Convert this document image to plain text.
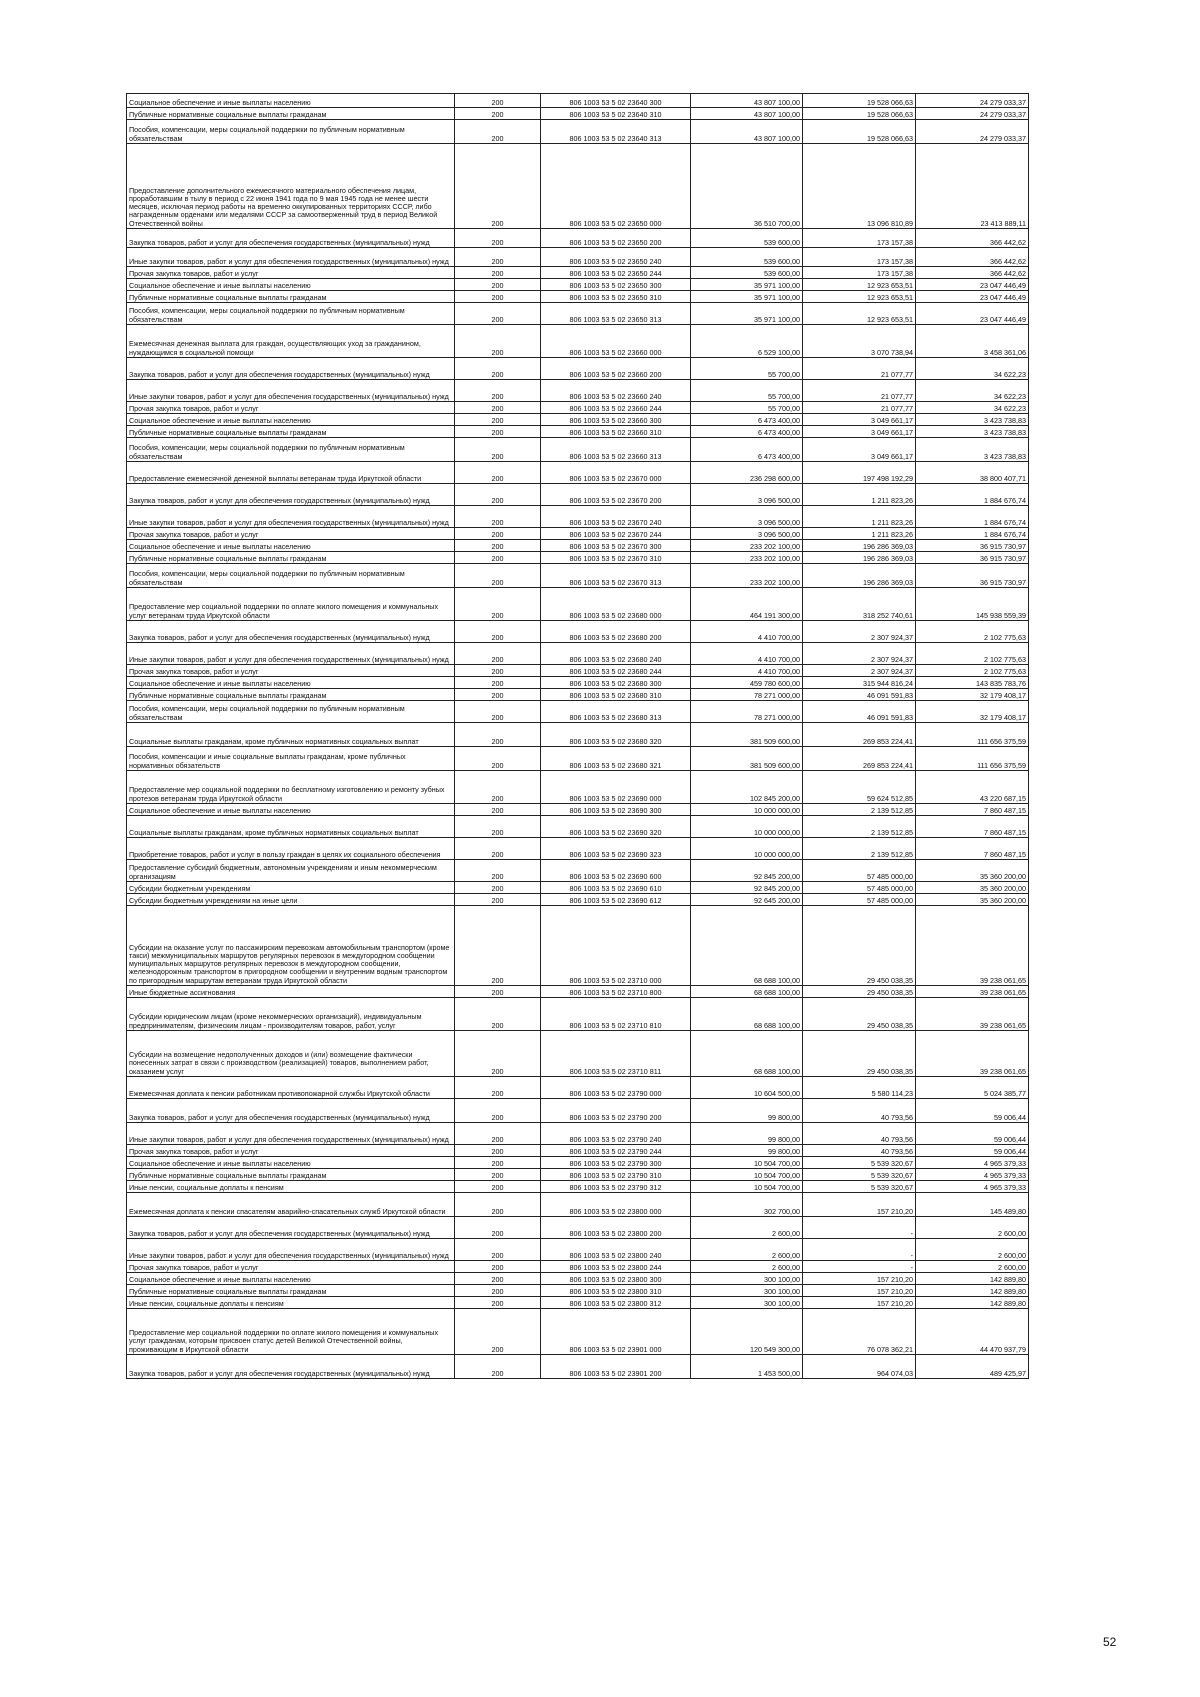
Социальное обеспечение и иные выплаты населению	200	806 1003 53 5 02 23640 300	43 807 100,00	19 528 066,63	24 279 033,37
Публичные нормативные социальные выплаты гражданам	200	806 1003 53 5 02 23640 310	43 807 100,00	19 528 066,63	24 279 033,37
Пособия, компенсации, меры социальной поддержки по публичным нормативным обязательствам	200	806 1003 53 5 02 23640 313	43 807 100,00	19 528 066,63	24 279 033,37
Предоставление дополнительного ежемесячного материального обеспечения лицам, проработавшим в тылу в период с 22 июня 1941 года по 9 мая 1945 года не менее шести месяцев, исключая период работы на временно оккупированных территориях СССР, либо награжденным орденами или медалями СССР за самоотверженный труд в период Великой Отечественной войны	200	806 1003 53 5 02 23650 000	36 510 700,00	13 096 810,89	23 413 889,11
Закупка товаров, работ и услуг для обеспечения государственных (муниципальных) нужд	200	806 1003 53 5 02 23650 200	539 600,00	173 157,38	366 442,62
Иные закупки товаров, работ и услуг для обеспечения государственных (муниципальных) нужд	200	806 1003 53 5 02 23650 240	539 600,00	173 157,38	366 442,62
Прочая закупка товаров, работ и услуг	200	806 1003 53 5 02 23650 244	539 600,00	173 157,38	366 442,62
Социальное обеспечение и иные выплаты населению	200	806 1003 53 5 02 23650 300	35 971 100,00	12 923 653,51	23 047 446,49
Публичные нормативные социальные выплаты гражданам	200	806 1003 53 5 02 23650 310	35 971 100,00	12 923 653,51	23 047 446,49
Пособия, компенсации, меры социальной поддержки по публичным нормативным обязательствам	200	806 1003 53 5 02 23650 313	35 971 100,00	12 923 653,51	23 047 446,49
Ежемесячная денежная выплата для граждан, осуществляющих уход за гражданином, нуждающимся в социальной помощи	200	806 1003 53 5 02 23660 000	6 529 100,00	3 070 738,94	3 458 361,06
Закупка товаров, работ и услуг для обеспечения государственных (муниципальных) нужд	200	806 1003 53 5 02 23660 200	55 700,00	21 077,77	34 622,23
Иные закупки товаров, работ и услуг для обеспечения государственных (муниципальных) нужд	200	806 1003 53 5 02 23660 240	55 700,00	21 077,77	34 622,23
Прочая закупка товаров, работ и услуг	200	806 1003 53 5 02 23660 244	55 700,00	21 077,77	34 622,23
Социальное обеспечение и иные выплаты населению	200	806 1003 53 5 02 23660 300	6 473 400,00	3 049 661,17	3 423 738,83
Публичные нормативные социальные выплаты гражданам	200	806 1003 53 5 02 23660 310	6 473 400,00	3 049 661,17	3 423 738,83
Пособия, компенсации, меры социальной поддержки по публичным нормативным обязательствам	200	806 1003 53 5 02 23660 313	6 473 400,00	3 049 661,17	3 423 738,83
Предоставление ежемесячной денежной выплаты ветеранам труда Иркутской области	200	806 1003 53 5 02 23670 000	236 298 600,00	197 498 192,29	38 800 407,71
Закупка товаров, работ и услуг для обеспечения государственных (муниципальных) нужд	200	806 1003 53 5 02 23670 200	3 096 500,00	1 211 823,26	1 884 676,74
Иные закупки товаров, работ и услуг для обеспечения государственных (муниципальных) нужд	200	806 1003 53 5 02 23670 240	3 096 500,00	1 211 823,26	1 884 676,74
Прочая закупка товаров, работ и услуг	200	806 1003 53 5 02 23670 244	3 096 500,00	1 211 823,26	1 884 676,74
Социальное обеспечение и иные выплаты населению	200	806 1003 53 5 02 23670 300	233 202 100,00	196 286 369,03	36 915 730,97
Публичные нормативные социальные выплаты гражданам	200	806 1003 53 5 02 23670 310	233 202 100,00	196 286 369,03	36 915 730,97
Пособия, компенсации, меры социальной поддержки по публичным нормативным обязательствам	200	806 1003 53 5 02 23670 313	233 202 100,00	196 286 369,03	36 915 730,97
Предоставление мер социальной поддержки по оплате жилого помещения и коммунальных услуг ветеранам труда Иркутской области	200	806 1003 53 5 02 23680 000	464 191 300,00	318 252 740,61	145 938 559,39
Закупка товаров, работ и услуг для обеспечения государственных (муниципальных) нужд	200	806 1003 53 5 02 23680 200	4 410 700,00	2 307 924,37	2 102 775,63
Иные закупки товаров, работ и услуг для обеспечения государственных (муниципальных) нужд	200	806 1003 53 5 02 23680 240	4 410 700,00	2 307 924,37	2 102 775,63
Прочая закупка товаров, работ и услуг	200	806 1003 53 5 02 23680 244	4 410 700,00	2 307 924,37	2 102 775,63
Социальное обеспечение и иные выплаты населению	200	806 1003 53 5 02 23680 300	459 780 600,00	315 944 816,24	143 835 783,76
Публичные нормативные социальные выплаты гражданам	200	806 1003 53 5 02 23680 310	78 271 000,00	46 091 591,83	32 179 408,17
Пособия, компенсации, меры социальной поддержки по публичным нормативным обязательствам	200	806 1003 53 5 02 23680 313	78 271 000,00	46 091 591,83	32 179 408,17
Социальные выплаты гражданам, кроме публичных нормативных социальных выплат	200	806 1003 53 5 02 23680 320	381 509 600,00	269 853 224,41	111 656 375,59
Пособия, компенсации и иные социальные выплаты гражданам, кроме публичных нормативных обязательств	200	806 1003 53 5 02 23680 321	381 509 600,00	269 853 224,41	111 656 375,59
Предоставление мер социальной поддержки по бесплатному изготовлению и ремонту зубных протезов ветеранам труда Иркутской области	200	806 1003 53 5 02 23690 000	102 845 200,00	59 624 512,85	43 220 687,15
Социальное обеспечение и иные выплаты населению	200	806 1003 53 5 02 23690 300	10 000 000,00	2 139 512,85	7 860 487,15
Социальные выплаты гражданам, кроме публичных нормативных социальных выплат	200	806 1003 53 5 02 23690 320	10 000 000,00	2 139 512,85	7 860 487,15
Приобретение товаров, работ и услуг в пользу граждан в целях их социального обеспечения	200	806 1003 53 5 02 23690 323	10 000 000,00	2 139 512,85	7 860 487,15
Предоставление субсидий бюджетным, автономным учреждениям и иным некоммерческим организациям	200	806 1003 53 5 02 23690 600	92 845 200,00	57 485 000,00	35 360 200,00
Субсидии бюджетным учреждениям	200	806 1003 53 5 02 23690 610	92 845 200,00	57 485 000,00	35 360 200,00
Субсидии бюджетным учреждениям на иные цели	200	806 1003 53 5 02 23690 612	92 645 200,00	57 485 000,00	35 360 200,00
Субсидии на оказание услуг по пассажирским перевозкам автомобильным транспортом (кроме такси) межмуниципальных маршрутов регулярных перевозок в междугородном сообщении муниципальных маршрутов регулярных перевозок в междугородном сообщении, железнодорожным транспортом в пригородном сообщении и внутренним водным транспортом по пригородным маршрутам ветеранам труда Иркутской области	200	806 1003 53 5 02 23710 000	68 688 100,00	29 450 038,35	39 238 061,65
Иные бюджетные ассигнования	200	806 1003 53 5 02 23710 800	68 688 100,00	29 450 038,35	39 238 061,65
Субсидии юридическим лицам (кроме некоммерческих организаций), индивидуальным предпринимателям, физическим лицам - производителям товаров, работ, услуг	200	806 1003 53 5 02 23710 810	68 688 100,00	29 450 038,35	39 238 061,65
Субсидии на возмещение недополученных доходов и (или) возмещение фактически понесенных затрат в связи с производством (реализацией) товаров, выполнением работ, оказанием услуг	200	806 1003 53 5 02 23710 811	68 688 100,00	29 450 038,35	39 238 061,65
Ежемесячная доплата к пенсии работникам противопожарной службы Иркутской области	200	806 1003 53 5 02 23790 000	10 604 500,00	5 580 114,23	5 024 385,77
Закупка товаров, работ и услуг для обеспечения государственных (муниципальных) нужд	200	806 1003 53 5 02 23790 200	99 800,00	40 793,56	59 006,44
Иные закупки товаров, работ и услуг для обеспечения государственных (муниципальных) нужд	200	806 1003 53 5 02 23790 240	99 800,00	40 793,56	59 006,44
Прочая закупка товаров, работ и услуг	200	806 1003 53 5 02 23790 244	99 800,00	40 793,56	59 006,44
Социальное обеспечение и иные выплаты населению	200	806 1003 53 5 02 23790 300	10 504 700,00	5 539 320,67	4 965 379,33
Публичные нормативные социальные выплаты гражданам	200	806 1003 53 5 02 23790 310	10 504 700,00	5 539 320,67	4 965 379,33
Иные пенсии, социальные доплаты к пенсиям	200	806 1003 53 5 02 23790 312	10 504 700,00	5 539 320,67	4 965 379,33
Ежемесячная доплата к пенсии спасателям аварийно-спасательных служб Иркутской области	200	806 1003 53 5 02 23800 000	302 700,00	157 210,20	145 489,80
Закупка товаров, работ и услуг для обеспечения государственных (муниципальных) нужд	200	806 1003 53 5 02 23800 200	2 600,00	-	2 600,00
Иные закупки товаров, работ и услуг для обеспечения государственных (муниципальных) нужд	200	806 1003 53 5 02 23800 240	2 600,00	-	2 600,00
Прочая закупка товаров, работ и услуг	200	806 1003 53 5 02 23800 244	2 600,00	-	2 600,00
Социальное обеспечение и иные выплаты населению	200	806 1003 53 5 02 23800 300	300 100,00	157 210,20	142 889,80
Публичные нормативные социальные выплаты гражданам	200	806 1003 53 5 02 23800 310	300 100,00	157 210,20	142 889,80
Иные пенсии, социальные доплаты к пенсиям	200	806 1003 53 5 02 23800 312	300 100,00	157 210,20	142 889,80
Предоставление мер социальной поддержки по оплате жилого помещения и коммунальных услуг гражданам, которым присвоен статус детей Великой Отечественной войны, проживающим в Иркутской области	200	806 1003 53 5 02 23901 000	120 549 300,00	76 078 362,21	44 470 937,79
Закупка товаров, работ и услуг для обеспечения государственных (муниципальных) нужд	200	806 1003 53 5 02 23901 200	1 453 500,00	964 074,03	489 425,97
52
